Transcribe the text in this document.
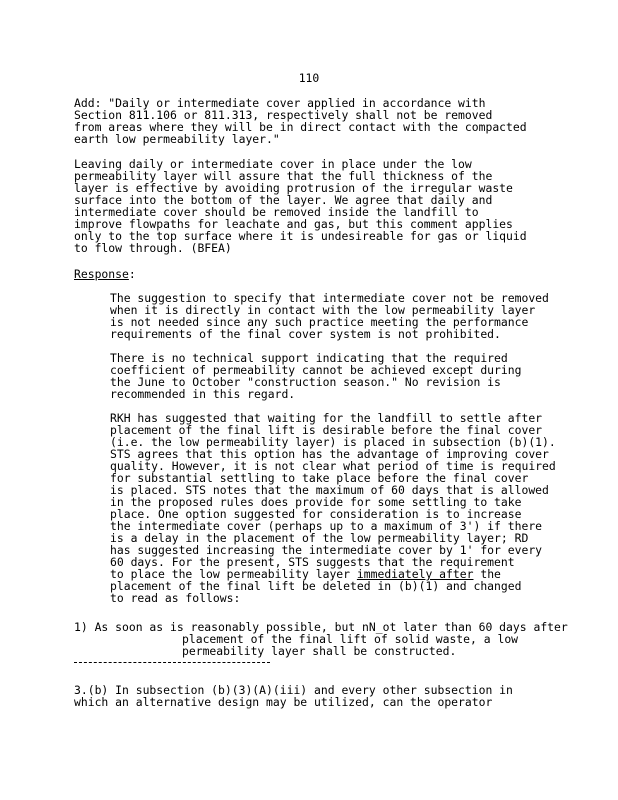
110
Add: "Daily or intermediate cover applied in accordance with
Section 811.106 or 811.313, respectively shall not be removed
from areas where they will be in direct contact with the compacted
earth low permeability layer."
Leaving daily or intermediate cover in place under the low
permeability layer will assure that the full thickness of the
layer is effective by avoiding protrusion of the irregular waste
surface into the bottom of the layer. We agree that daily and
intermediate cover should be removed inside the landfill to
improve flowpaths for leachate and gas, but this comment applies
only to the top surface where it is undesireable for gas or liquid
to flow through. (BFEA)
Response:
The suggestion to specify that intermediate cover not be removed
when it is directly in contact with the low permeability layer
is not needed since any such practice meeting the performance
requirements of the final cover system is not prohibited.
There is no technical support indicating that the required
coefficient of permeability cannot be achieved except during
the June to October "construction season." No revision is
recommended in this regard.
RKH has suggested that waiting for the landfill to settle after
placement of the final lift is desirable before the final cover
(i.e. the low permeability layer) is placed in subsection (b)(1).
STS agrees that this option has the advantage of improving cover
quality. However, it is not clear what period of time is required
for substantial settling to take place before the final cover
is placed. STS notes that the maximum of 60 days that is allowed
in the proposed rules does provide for some settling to take
place. One option suggested for consideration is to increase
the intermediate cover (perhaps up to a maximum of 3') if there
is a delay in the placement of the low permeability layer; RD
has suggested increasing the intermediate cover by 1' for every
60 days. For the present, STS suggests that the requirement
to place the low permeability layer immediately after the
placement of the final lift be deleted in (b)(1) and changed
to read as follows:
1) As soon as is reasonably possible, but nN_ot later than 60 days after
placement of the final lift of solid waste, a low
permeability layer shall be constructed.
3.(b) In subsection (b)(3)(A)(iii) and every other subsection in
which an alternative design may be utilized, can the operator
